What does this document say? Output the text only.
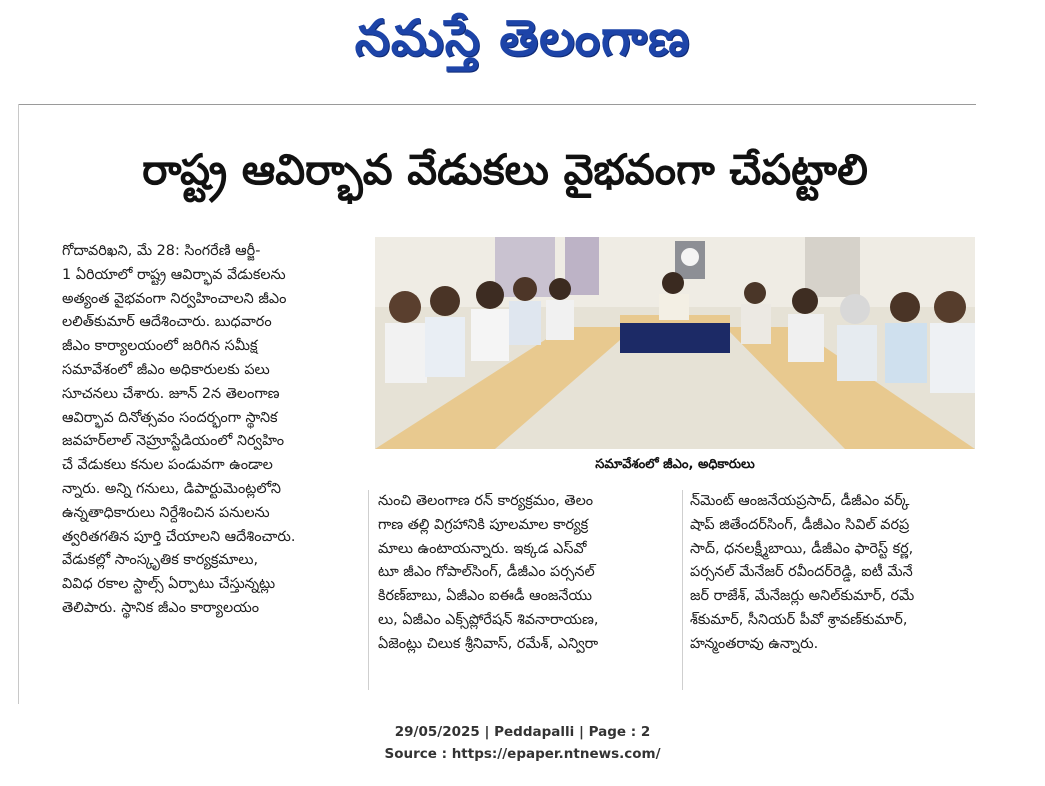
నమస్తే తెలంగాణ
రాష్ట్ర ఆవిర్భావ వేడుకలు వైభవంగా చేపట్టాలి
గోదావరిఖని, మే 28: సింగరేణి ఆర్జీ-
1 ఏరియాలో రాష్ట్ర ఆవిర్భావ వేడుకలను
అత్యంత వైభవంగా నిర్వహించాలని జీఎం
లలిత్‌కుమార్ ఆదేశించారు. బుధవారం
జీఎం కార్యాలయంలో జరిగిన సమీక్ష
సమావేశంలో జీఎం అధికారులకు పలు
సూచనలు చేశారు. జూన్ 2న తెలంగాణ
ఆవిర్భావ దినోత్సవం సందర్భంగా స్థానిక
జవహర్‌లాల్ నెహ్రూస్టేడియంలో నిర్వహిం
చే వేడుకలు కనుల పండువగా ఉండాల
న్నారు. అన్ని గనులు, డిపార్టుమెంట్లలోని
ఉన్నతాధికారులు నిర్దేశించిన పనులను
త్వరితగతిన పూర్తి చేయాలని ఆదేశించారు.
వేడుకల్లో సాంస్కృతిక కార్యక్రమాలు,
వివిధ రకాల స్టాల్స్ ఏర్పాటు చేస్తున్నట్లు
తెలిపారు. స్థానిక జీఎం కార్యాలయం
సమావేశంలో జీఎం, అధికారులు
నుంచి తెలంగాణ రన్ కార్యక్రమం, తెలం
గాణ తల్లి విగ్రహానికి పూలమాల కార్యక్ర
మాలు ఉంటాయన్నారు. ఇక్కడ ఎస్‌వో
టూ జీఎం గోపాల్‌సింగ్, డీజీఎం పర్సనల్
కిరణ్‌బాబు, ఏజీఎం ఐఈడీ ఆంజనేయు
లు, ఏజీఎం ఎక్స్‌ప్లోరేషన్ శివనారాయణ,
ఏజెంట్లు చిలుక శ్రీనివాస్, రమేశ్, ఎన్విరా
న్‌మెంట్ ఆంజనేయప్రసాద్, డీజీఎం వర్క్
షాప్ జితేందర్‌సింగ్, డీజీఎం సివిల్ వరప్ర
సాద్, ధనలక్ష్మీబాయి, డీజీఎం ఫారెస్ట్ కర్ణ,
పర్సనల్ మేనేజర్ రవీందర్‌రెడ్డి, ఐటీ మేనే
జర్ రాజేశ్, మేనేజర్లు అనిల్‌కుమార్, రమే
శ్‌కుమార్, సీనియర్ పీవో శ్రావణ్‌కుమార్,
హన్మంతరావు ఉన్నారు.
29/05/2025 | Peddapalli | Page : 2
Source : https://epaper.ntnews.com/
